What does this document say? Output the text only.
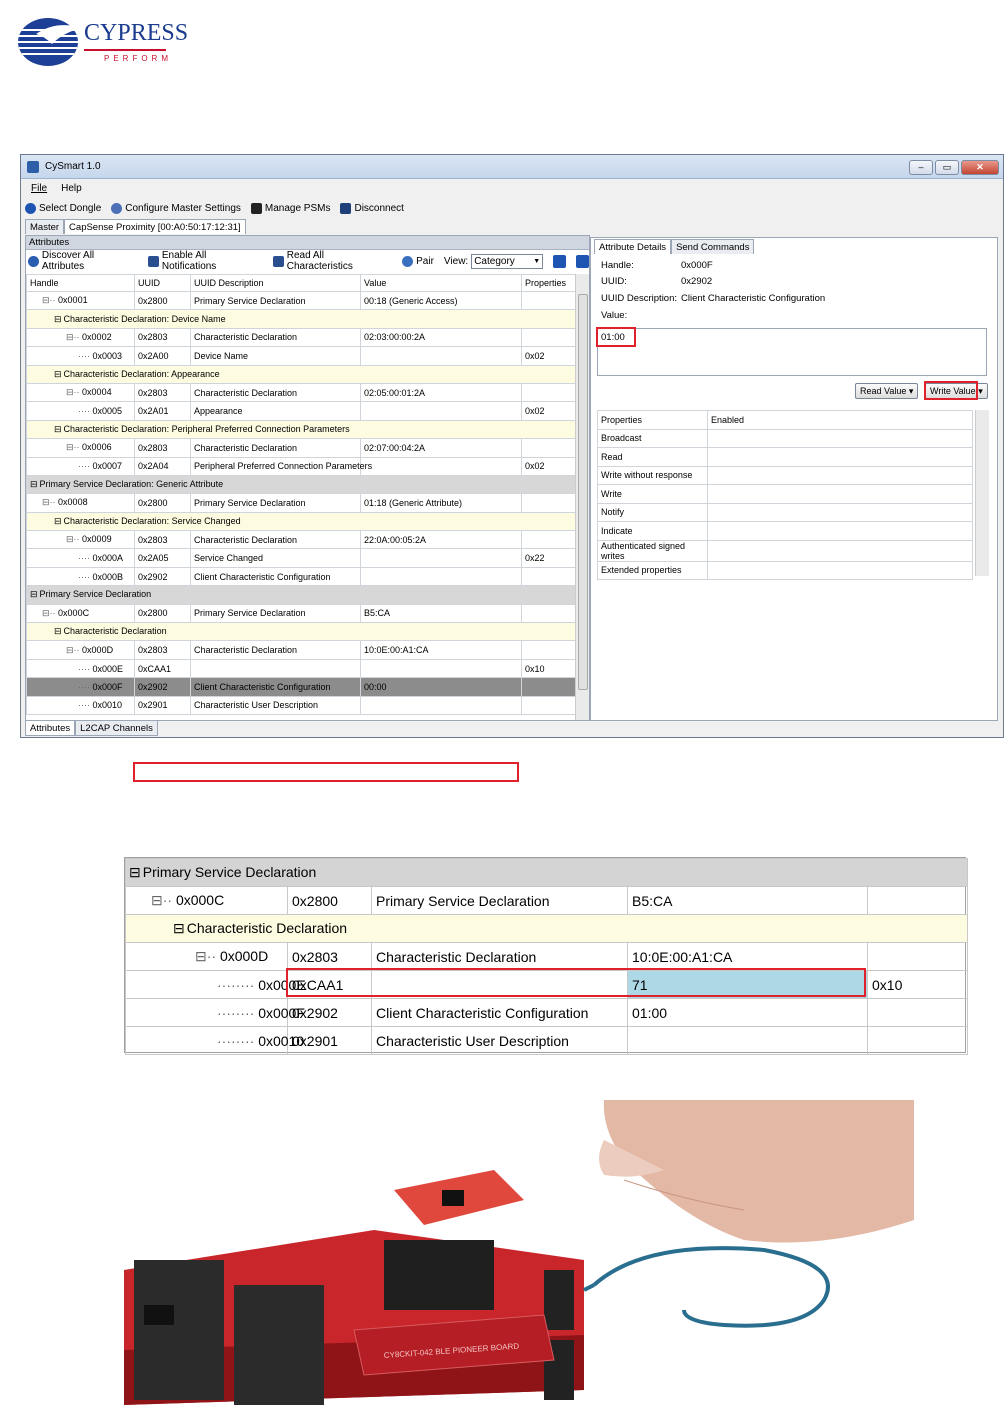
CYPRESS
PERFORM
CySmart 1.0	–	▭	✕
File Help
Select Dongle Configure Master Settings Manage PSMs Disconnect
Master	CapSense Proximity [00:A0:50:17:12:31]
Attributes
Discover All Attributes
Enable All Notifications
Read All Characteristics	Pair View: Category ▼
Handle	UUID	UUID Description	Value	Properties
⊟·· 0x0001	0x2800	Primary Service Declaration	00:18 (Generic Access)	
⊟ Characteristic Declaration: Device Name				
⊟·· 0x0002	0x2803	Characteristic Declaration	02:03:00:00:2A	
···· 0x0003	0x2A00	Device Name		0x02
⊟ Characteristic Declaration: Appearance				
⊟·· 0x0004	0x2803	Characteristic Declaration	02:05:00:01:2A	
···· 0x0005	0x2A01	Appearance		0x02
⊟ Characteristic Declaration: Peripheral Preferred Connection Parameters				
⊟·· 0x0006	0x2803	Characteristic Declaration	02:07:00:04:2A	
···· 0x0007	0x2A04	Peripheral Preferred Connection Parameters		0x02
⊟ Primary Service Declaration: Generic Attribute				
⊟·· 0x0008	0x2800	Primary Service Declaration	01:18 (Generic Attribute)	
⊟ Characteristic Declaration: Service Changed				
⊟·· 0x0009	0x2803	Characteristic Declaration	22:0A:00:05:2A	
···· 0x000A	0x2A05	Service Changed		0x22
···· 0x000B	0x2902	Client Characteristic Configuration		
⊟ Primary Service Declaration				
⊟·· 0x000C	0x2800	Primary Service Declaration	B5:CA	
⊟ Characteristic Declaration				
⊟·· 0x000D	0x2803	Characteristic Declaration	10:0E:00:A1:CA	
···· 0x000E	0xCAA1			0x10
···· 0x000F	0x2902	Client Characteristic Configuration	00:00	
···· 0x0010	0x2901	Characteristic User Description		
Attributes	L2CAP Channels
Attribute Details	Send Commands
Handle:	0x000F
UUID:	0x2902
UUID Description: Client Characteristic Configuration
Value:
01:00
Read Value ▾	Write Value ▾
Properties	Enabled
Broadcast	
Read	
Write without response	
Write	
Notify	
Indicate	
Authenticated signed writes	
Extended properties	
⊟ Primary Service Declaration				
⊟·· 0x000C	0x2800	Primary Service Declaration	B5:CA	
⊟ Characteristic Declaration				
⊟·· 0x000D	0x2803	Characteristic Declaration	10:0E:00:A1:CA	
········ 0x000E	0xCAA1		71	0x10
········ 0x000F	0x2902	Client Characteristic Configuration	01:00	
········ 0x0010	0x2901	Characteristic User Description		
CY8CKIT-042 BLE PIONEER BOARD
